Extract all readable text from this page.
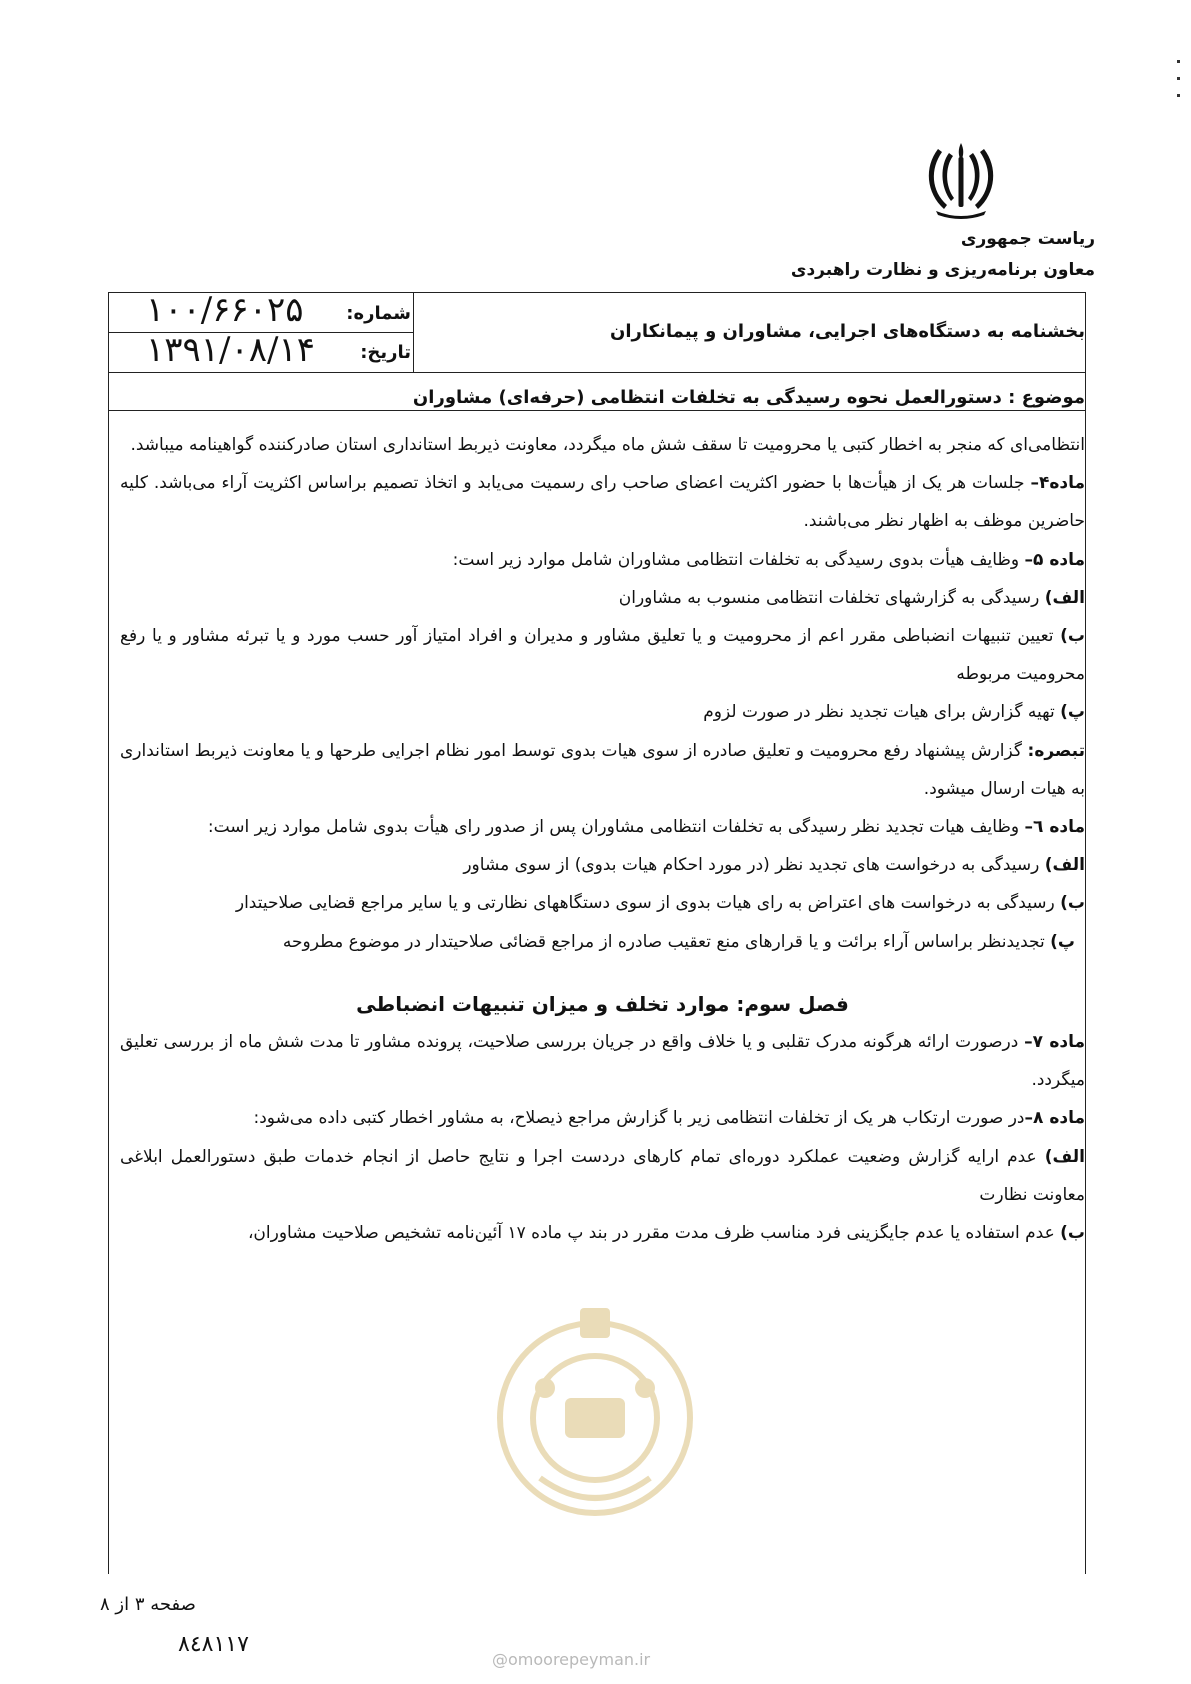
ریاست جمهوری
معاون برنامه‌ریزی و نظارت راهبردی
شماره:
۱۰۰/۶۶۰۲۵
تاریخ:
۱۳۹۱/۰۸/۱۴	بخشنامه به دستگاه‌های اجرایی، مشاوران و پیمانکاران
موضوع : دستورالعمل نحوه رسیدگی به تخلفات انتظامی (حرفه‌ای) مشاوران

انتظامی‌ای که منجر به اخطار کتبی یا محرومیت تا سقف شش ماه میگردد، معاونت ذیربط استانداری استان صادرکننده گواهینامه میباشد.

ماده۴– جلسات هر یک از هیأت‌ها با حضور اکثریت اعضای صاحب رای رسمیت می‌یابد و اتخاذ تصمیم براساس اکثریت آراء می‌باشد. کلیه حاضرین موظف به اظهار نظر می‌باشند.

ماده ۵– وظایف هیأت بدوی رسیدگی به تخلفات انتظامی مشاوران شامل موارد زیر است:

الف) رسیدگی به گزارشهای تخلفات انتظامی منسوب به مشاوران

ب) تعیین تنبیهات انضباطی مقرر اعم از محرومیت و یا تعلیق مشاور و مدیران و افراد امتیاز آور حسب مورد و یا تبرئه مشاور و یا رفع محرومیت مربوطه

پ) تهیه گزارش برای هیات تجدید نظر در صورت لزوم

تبصره: گزارش پیشنهاد رفع محرومیت و تعلیق صادره از سوی هیات بدوی توسط امور نظام اجرایی طرحها و یا معاونت ذیربط استانداری به هیات ارسال میشود.

ماده ٦– وظایف هیات تجدید نظر رسیدگی به تخلفات انتظامی مشاوران پس از صدور رای هیأت بدوی شامل موارد زیر است:

الف) رسیدگی به درخواست های تجدید نظر (در مورد احکام هیات بدوی) از سوی مشاور

ب) رسیدگی به درخواست های اعتراض به رای هیات بدوی از سوی دستگاههای نظارتی و یا سایر مراجع قضایی صلاحیتدار

پ) تجدیدنظر براساس آراء برائت و یا قرارهای منع تعقیب صادره از مراجع قضائی صلاحیتدار در موضوع مطروحه

فصل سوم: موارد تخلف و میزان تنبیهات انضباطی

ماده ۷– درصورت ارائه هرگونه مدرک تقلبی و یا خلاف واقع در جریان بررسی صلاحیت، پرونده مشاور تا مدت شش ماه از بررسی تعلیق میگردد.

ماده ۸–در صورت ارتکاب هر یک از تخلفات انتظامی زیر با گزارش مراجع ذیصلاح، به مشاور اخطار کتبی داده می‌شود:

الف) عدم ارایه گزارش وضعیت عملکرد دوره‌ای تمام کارهای دردست اجرا و نتایج حاصل از انجام خدمات طبق دستورالعمل ابلاغی معاونت نظارت

ب) عدم استفاده یا عدم جایگزینی فرد مناسب ظرف مدت مقرر در بند پ ماده ۱۷ آئین‌نامه تشخیص صلاحیت مشاوران،

صفحه ۳ از ۸
٨٤٨١١٧
@omoorepeyman.ir
